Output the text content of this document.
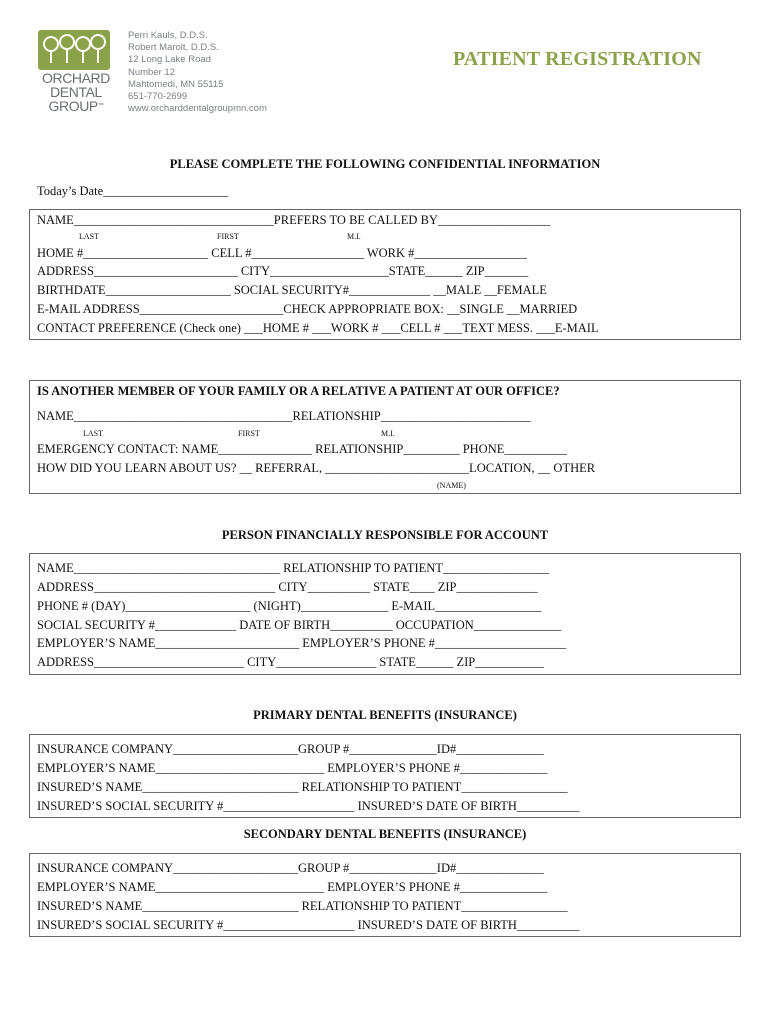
ORCHARD
DENTAL
GROUP™
Perri Kauls, D.D.S.
Robert Marolt, D.D.S.
12 Long Lake Road
Number 12
Mahtomedi, MN 55115
651-770-2699
www.orcharddentalgroupmn.com
PATIENT REGISTRATION
PLEASE COMPLETE THE FOLLOWING CONFIDENTIAL INFORMATION
Today’s Date____________________
NAME________________________________PREFERS TO BE CALLED BY__________________
LAST	FIRST	M.I.
HOME #____________________ CELL #__________________ WORK #__________________
ADDRESS_______________________ CITY___________________STATE______ ZIP_______
BIRTHDATE____________________ SOCIAL SECURITY#_____________ __MALE __FEMALE
E-MAIL ADDRESS_______________________CHECK APPROPRIATE BOX: __SINGLE __MARRIED
CONTACT PREFERENCE (Check one) ___HOME # ___WORK # ___CELL # ___TEXT MESS. ___E-MAIL
IS ANOTHER MEMBER OF YOUR FAMILY OR A RELATIVE A PATIENT AT OUR OFFICE?
NAME___________________________________RELATIONSHIP________________________
LAST	FIRST	M.I.
EMERGENCY CONTACT: NAME_______________ RELATIONSHIP_________ PHONE__________
HOW DID YOU LEARN ABOUT US? __ REFERRAL, _______________________LOCATION, __ OTHER
(NAME)
PERSON FINANCIALLY RESPONSIBLE FOR ACCOUNT
NAME_________________________________ RELATIONSHIP TO PATIENT_________________
ADDRESS_____________________________ CITY__________ STATE____ ZIP_____________
PHONE # (DAY)____________________ (NIGHT)______________ E-MAIL_________________
SOCIAL SECURITY #_____________ DATE OF BIRTH__________ OCCUPATION______________
EMPLOYER’S NAME_______________________ EMPLOYER’S PHONE #_____________________
ADDRESS________________________ CITY________________ STATE______ ZIP___________
PRIMARY DENTAL BENEFITS (INSURANCE)
INSURANCE COMPANY____________________GROUP #______________ID#______________
EMPLOYER’S NAME___________________________ EMPLOYER’S PHONE #______________
INSURED’S NAME_________________________ RELATIONSHIP TO PATIENT_________________
INSURED’S SOCIAL SECURITY #_____________________ INSURED’S DATE OF BIRTH__________
SECONDARY DENTAL BENEFITS (INSURANCE)
INSURANCE COMPANY____________________GROUP #______________ID#______________
EMPLOYER’S NAME___________________________ EMPLOYER’S PHONE #______________
INSURED’S NAME_________________________ RELATIONSHIP TO PATIENT_________________
INSURED’S SOCIAL SECURITY #_____________________ INSURED’S DATE OF BIRTH__________
